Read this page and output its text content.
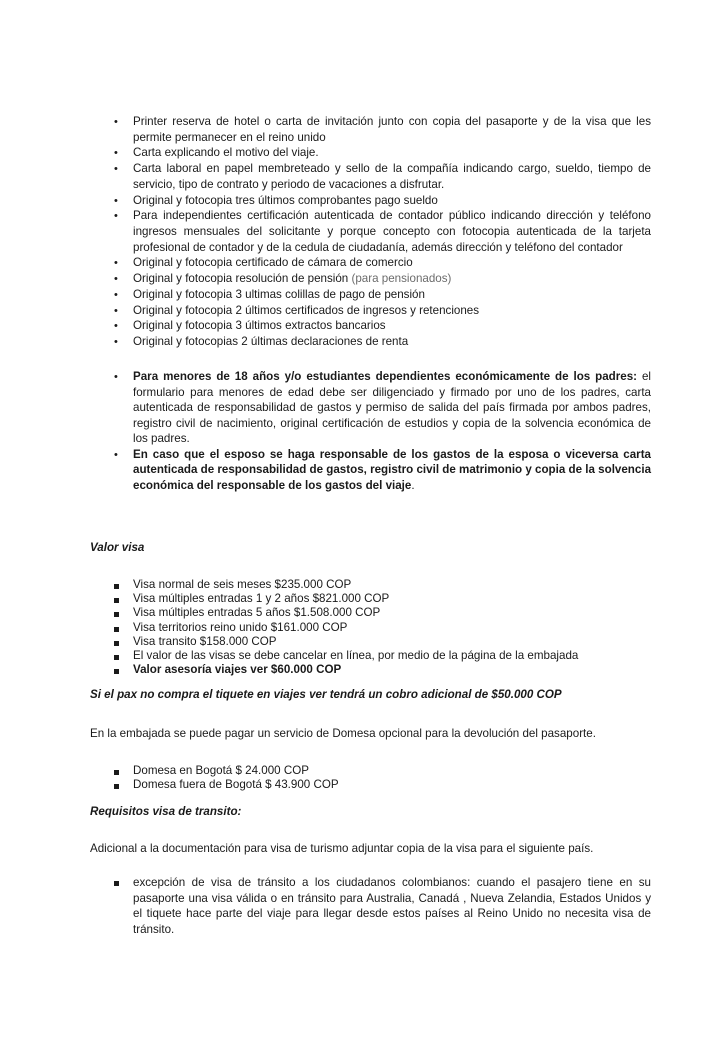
• Printer reserva de hotel o carta de invitación junto con copia del pasaporte y de la visa que les permite permanecer en el reino unido
• Carta explicando el motivo del viaje.
• Carta laboral en papel membreteado y sello de la compañía indicando cargo, sueldo, tiempo de servicio, tipo de contrato y periodo de vacaciones a disfrutar.
• Original y fotocopia tres últimos comprobantes pago sueldo
• Para independientes certificación autenticada de contador público indicando dirección y teléfono ingresos mensuales del solicitante y porque concepto con fotocopia autenticada de la tarjeta profesional de contador y de la cedula de ciudadanía, además dirección y teléfono del contador
• Original y fotocopia certificado de cámara de comercio
• Original y fotocopia resolución de pensión (para pensionados)
• Original y fotocopia 3 ultimas colillas de pago de pensión
• Original y fotocopia 2 últimos certificados de ingresos y retenciones
• Original y fotocopia 3 últimos extractos bancarios
• Original y fotocopias 2 últimas declaraciones de renta
• Para menores de 18 años y/o estudiantes dependientes económicamente de los padres: el formulario para menores de edad debe ser diligenciado y firmado por uno de los padres, carta autenticada de responsabilidad de gastos y permiso de salida del país firmada por ambos padres, registro civil de nacimiento, original certificación de estudios y copia de la solvencia económica de los padres.
• En caso que el esposo se haga responsable de los gastos de la esposa o viceversa carta autenticada de responsabilidad de gastos, registro civil de matrimonio y copia de la solvencia económica del responsable de los gastos del viaje.
Valor visa
Visa normal de seis meses $235.000 COP
Visa múltiples entradas 1 y 2 años $821.000 COP
Visa múltiples entradas 5 años $1.508.000 COP
Visa territorios reino unido $161.000 COP
Visa transito $158.000 COP
El valor de las visas se debe cancelar en línea, por medio de la página de la embajada
Valor asesoría viajes ver $60.000 COP
Si el pax no compra el tiquete en viajes ver tendrá un cobro adicional de $50.000 COP
En la embajada se puede pagar un servicio de Domesa opcional para la devolución del pasaporte.
Domesa en Bogotá $ 24.000 COP
Domesa fuera de Bogotá $ 43.900 COP
Requisitos visa de transito:
Adicional a la documentación para visa de turismo adjuntar copia de la visa para el siguiente país.
excepción de visa de tránsito a los ciudadanos colombianos: cuando el pasajero tiene en su pasaporte una visa válida o en tránsito para Australia, Canadá , Nueva Zelandia, Estados Unidos y el tiquete hace parte del viaje para llegar desde estos países al Reino Unido no necesita visa de tránsito.
